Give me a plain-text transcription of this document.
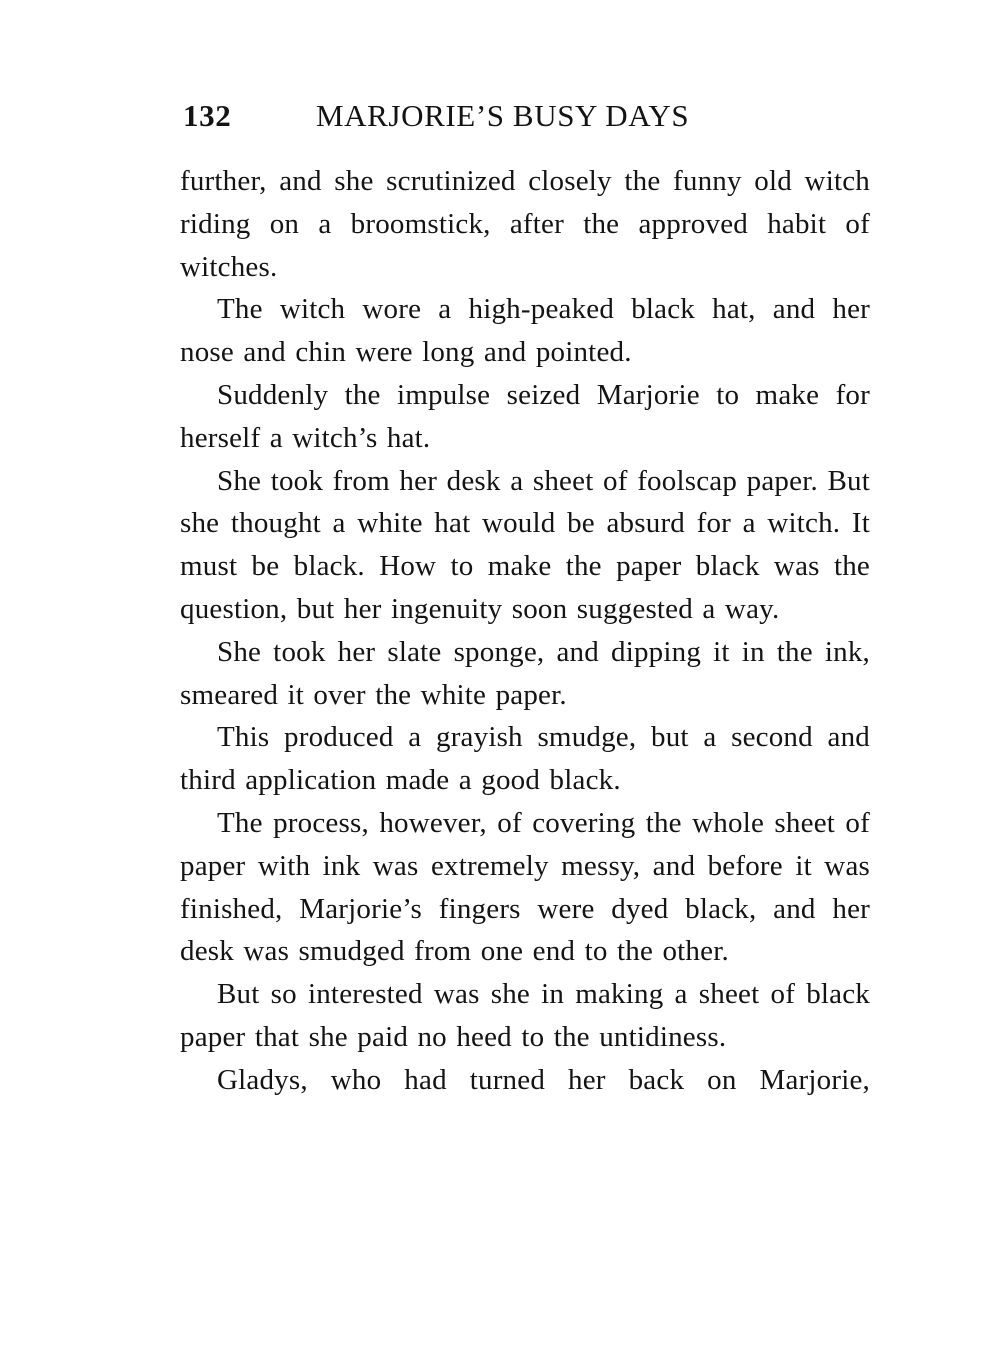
132	MARJORIE’S BUSY DAYS

further, and she scrutinized closely the funny old witch riding on a broomstick, after the approved habit of witches.

The witch wore a high-peaked black hat, and her nose and chin were long and pointed.

Suddenly the impulse seized Marjorie to make for herself a witch’s hat.

She took from her desk a sheet of foolscap paper. But she thought a white hat would be absurd for a witch. It must be black. How to make the paper black was the question, but her ingenuity soon suggested a way.

She took her slate sponge, and dipping it in the ink, smeared it over the white paper.

This produced a grayish smudge, but a second and third application made a good black.

The process, however, of covering the whole sheet of paper with ink was extremely messy, and before it was finished, Marjorie’s fingers were dyed black, and her desk was smudged from one end to the other.

But so interested was she in making a sheet of black paper that she paid no heed to the untidiness.

Gladys, who had turned her back on Marjorie,
